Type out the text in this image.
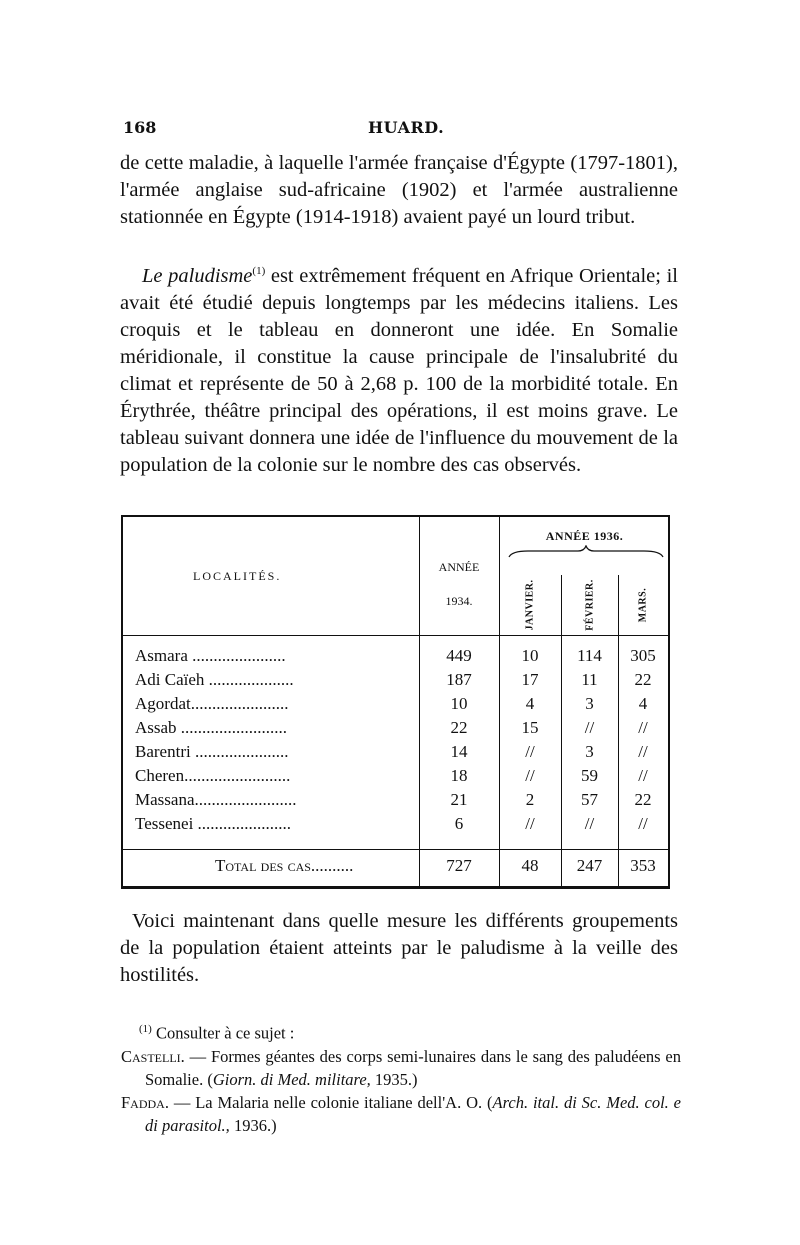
168	HUARD.
de cette maladie, à laquelle l'armée française d'Égypte (1797-1801), l'armée anglaise sud-africaine (1902) et l'armée australienne stationnée en Égypte (1914-1918) avaient payé un lourd tribut.
Le paludisme$^{(1)}$ est extrêmement fréquent en Afrique Orientale; il avait été étudié depuis longtemps par les médecins italiens. Les croquis et le tableau en donneront une idée. En Somalie méridionale, il constitue la cause principale de l'insalubrité du climat et représente de 50 à 2,68 p. 100 de la morbidité totale. En Érythrée, théâtre principal des opérations, il est moins grave. Le tableau suivant donnera une idée de l'influence du mouvement de la population de la colonie sur le nombre des cas observés.
LOCALITÉS.
ANNÉE
1934.
ANNÉE 1936.
JANVIER.	FÉVRIER.	MARS.
Asmara ......................	449	10	114	305
Adi Caïeh ....................	187	17	11	22
Agordat.......................	10	4	3	4
Assab .........................	22	15	//	//
Barentri ......................	14	//	3	//
Cheren.........................	18	//	59	//
Massana........................	21	2	57	22
Tessenei ......................	6	//	//	//
Total des cas..........	727	48	247	353
Voici maintenant dans quelle mesure les différents groupements de la population étaient atteints par le paludisme à la veille des hostilités.
$^{(1)}$ Consulter à ce sujet :
Castelli. — Formes géantes des corps semi-lunaires dans le sang des paludéens en Somalie. (Giorn. di Med. militare, 1935.)
Fadda. — La Malaria nelle colonie italiane dell'A. O. (Arch. ital. di Sc. Med. col. e di parasitol., 1936.)
